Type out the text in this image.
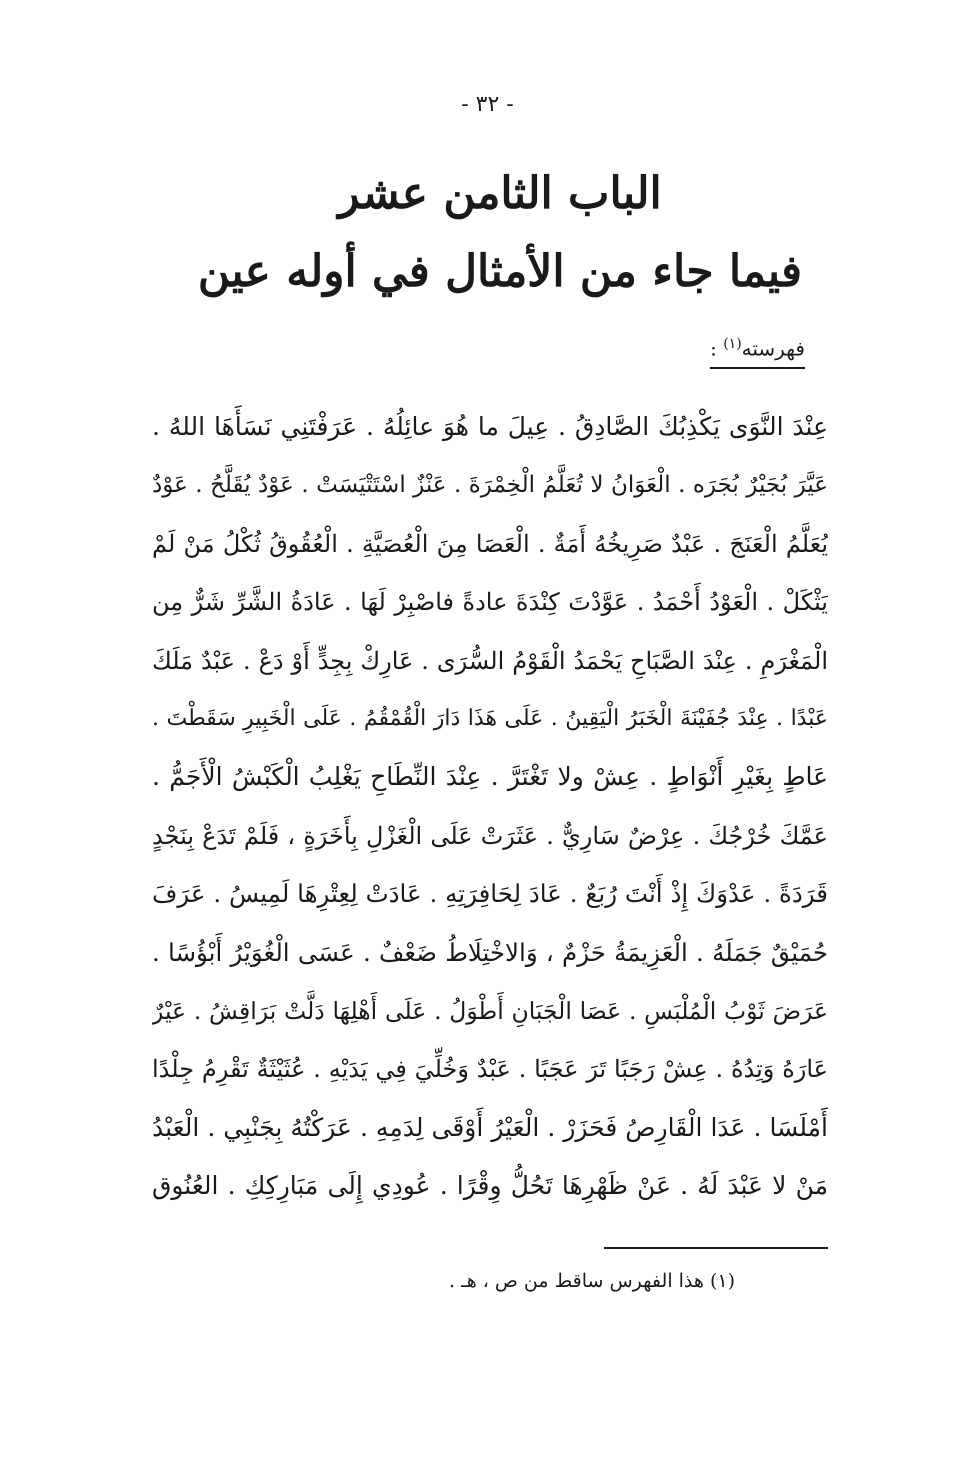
- ٣٢ -
الباب الثامن عشر
فيما جاء من الأمثال في أوله عين
فهرسته$^{(١)}$ :
عِنْدَ النَّوَى يَكْذِبُكَ الصَّادِقُ . عِيلَ ما هُوَ عائِلُهُ . عَرَفْتَنِي نَسَأَهَا اللهُ .
عَيَّرَ بُجَيْرٌ بُجَرَه . الْعَوَانُ لا تُعَلَّمُ الْخِمْرَةَ . عَنْزٌ اسْتَتْيَسَتْ . عَوْدٌ يُقَلَّحُ . عَوْدٌ
يُعَلَّمُ الْعَنَجَ . عَبْدٌ صَرِيخُهُ أَمَةٌ . الْعَصَا مِنَ الْعُصَيَّةِ . الْعُقُوقُ ثُكْلُ مَنْ لَمْ
يَثْكَلْ . الْعَوْدُ أَحْمَدُ . عَوَّدْتَ كِنْدَةَ عادةً فاصْبِرْ لَهَا . عَادَةُ الشَّرِّ شَرٌّ مِن
الْمَغْرَمِ . عِنْدَ الصَّبَاحِ يَحْمَدُ الْقَوْمُ السُّرَى . عَارِكْ بِجِدٍّ أَوْ دَعْ . عَبْدٌ مَلَكَ
عَبْدًا . عِنْدَ جُفَيْنَةَ الْخَبَرُ الْيَقِينُ . عَلَى هَذَا دَارَ الْقُمْقُمُ . عَلَى الْخَبِيرِ سَقَطْتَ .
عَاطٍ بِغَيْرِ أَنْوَاطٍ . عِشْ ولا تَغْتَرَّ . عِنْدَ النِّطَاحِ يَغْلِبُ الْكَبْشُ الْأَجَمُّ .
عَمَّكَ خُرْجُكَ . عِرْضٌ سَارِيٌّ . عَثَرَتْ عَلَى الْغَزْلِ بِأَخَرَةٍ ، فَلَمْ تَدَعْ بِنَجْدٍ
قَرَدَةً . عَدْوَكَ إِذْ أَنْتَ رُبَعٌ . عَادَ لِحَافِرَتِهِ . عَادَتْ لِعِتْرِهَا لَمِيسُ . عَرَفَ
حُمَيْقٌ جَمَلَهُ . الْعَزِيمَةُ حَزْمٌ ، وَالاخْتِلَاطُ ضَعْفٌ . عَسَى الْغُوَيْرُ أَبْؤُسًا .
عَرَضَ ثَوْبُ الْمُلْبَسِ . عَصَا الْجَبَانِ أَطْوَلُ . عَلَى أَهْلِهَا دَلَّتْ بَرَاقِشُ . عَيْرٌ
عَارَهُ وَتِدُهُ . عِشْ رَجَبًا تَرَ عَجَبًا . عَبْدٌ وَخُلِّيَ فِي يَدَيْهِ . عُثَيْثَةٌ تَقْرِمُ جِلْدًا
أَمْلَسَا . عَدَا الْقَارِصُ فَحَزَرْ . الْعَيْرُ أَوْقَى لِدَمِهِ . عَرَكْتُهُ بِجَنْبِي . الْعَبْدُ
مَنْ لا عَبْدَ لَهُ . عَنْ ظَهْرِهَا تَحُلُّ وِقْرًا . عُودِي إِلَى مَبَارِكِكِ . العُنُوق
(١) هذا الفهرس ساقط من ص ، هـ .
